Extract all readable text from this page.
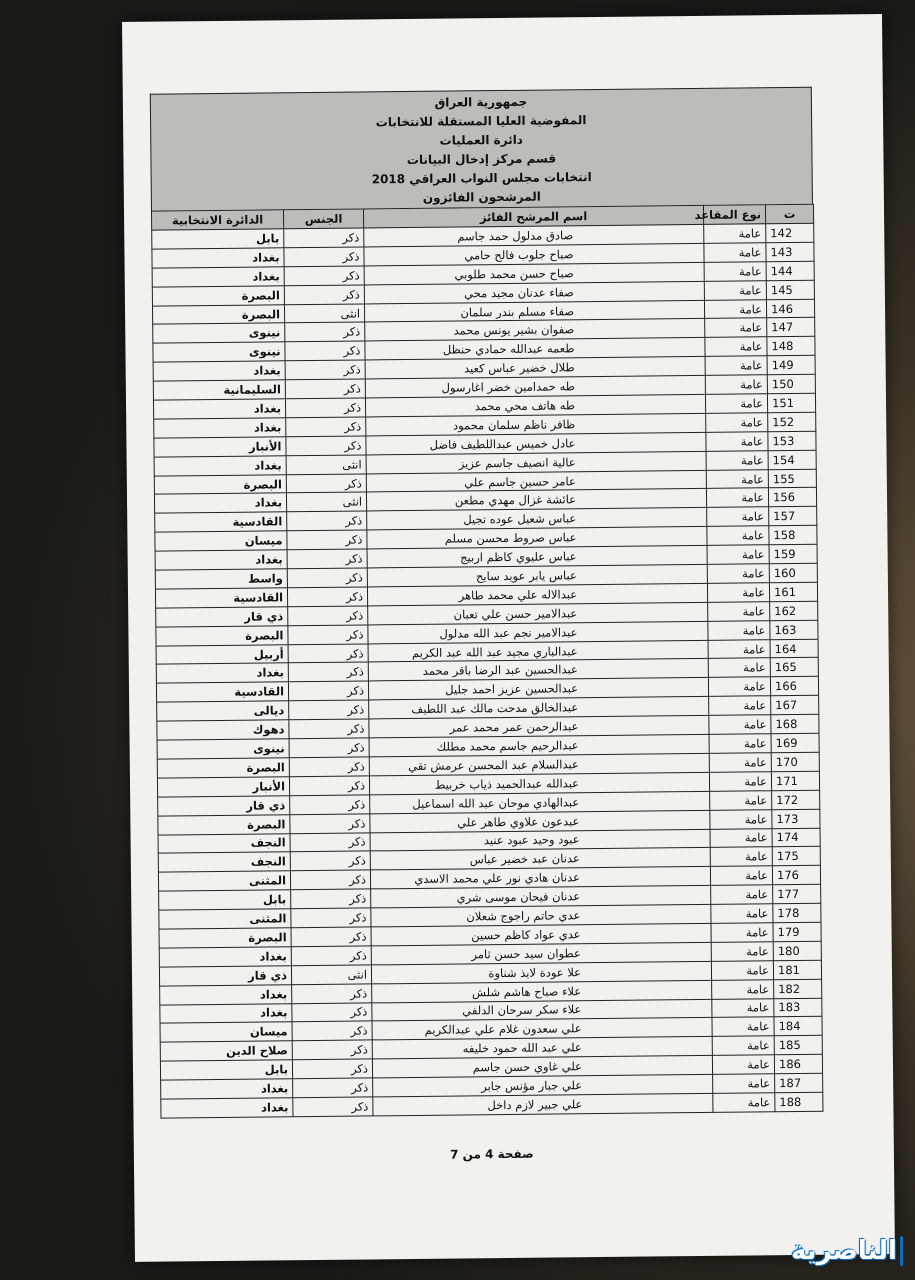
جمهورية العراق
المفوضية العليا المستقلة للانتخابات
دائرة العمليات
قسم مركز إدخال البيانات
انتخابات مجلس النواب العراقي 2018
المرشحون الفائزون
ت	نوع المقاعد	اسم المرشح الفائز	الجنس	الدائرة الانتخابية
142	عامة	صادق مدلول حمد جاسم	ذكر	بابل
143	عامة	صباح جلوب فالح حامي	ذكر	بغداد
144	عامة	صباح حسن محمد طلوبي	ذكر	بغداد
145	عامة	صفاء عدنان مجيد محي	ذكر	البصرة
146	عامة	صفاء مسلم بندر سلمان	انثى	البصرة
147	عامة	صفوان بشير يونس محمد	ذكر	نينوى
148	عامة	طعمه عبدالله حمادي حنظل	ذكر	نينوى
149	عامة	طلال خضير عباس كعيد	ذكر	بغداد
150	عامة	طه حمدامين خضر اغارسول	ذكر	السليمانية
151	عامة	طه هاتف محي محمد	ذكر	بغداد
152	عامة	ظافر ناظم سلمان محمود	ذكر	بغداد
153	عامة	عادل خميس عبداللطيف فاضل	ذكر	الأنبار
154	عامة	عالية انصيف جاسم عزيز	انثى	بغداد
155	عامة	عامر حسين جاسم علي	ذكر	البصرة
156	عامة	عائشة غزال مهدي مطعن	انثى	بغداد
157	عامة	عباس شعيل عوده تجيل	ذكر	القادسية
158	عامة	عباس صروط محسن مسلم	ذكر	ميسان
159	عامة	عباس عليوي كاظم اربيج	ذكر	بغداد
160	عامة	عباس يابر عويد سايح	ذكر	واسط
161	عامة	عبدالاله علي محمد طاهر	ذكر	القادسية
162	عامة	عبدالامير حسن علي تعبان	ذكر	ذي قار
163	عامة	عبدالامير نجم عبد الله مدلول	ذكر	البصرة
164	عامة	عبدالباري مجيد عبد الله عبد الكريم	ذكر	أربيل
165	عامة	عبدالحسين عبد الرضا باقر محمد	ذكر	بغداد
166	عامة	عبدالحسين عزيز احمد جليل	ذكر	القادسية
167	عامة	عبدالخالق مدحت مالك عبد اللطيف	ذكر	ديالى
168	عامة	عبدالرحمن عمر محمد عمر	ذكر	دهوك
169	عامة	عبدالرحيم جاسم محمد مطلك	ذكر	نينوى
170	عامة	عبدالسلام عبد المحسن عرمش تقي	ذكر	البصرة
171	عامة	عبدالله عبدالحميد ذياب خربيط	ذكر	الأنبار
172	عامة	عبدالهادي موحان عبد الله اسماعيل	ذكر	ذي قار
173	عامة	عبدعون علاوي طاهر علي	ذكر	البصرة
174	عامة	عبود وحيد عبود عنيد	ذكر	النجف
175	عامة	عدنان عبد خضير عباس	ذكر	النجف
176	عامة	عدنان هادي نور علي محمد الاسدي	ذكر	المثنى
177	عامة	عدنان فيحان موسى شري	ذكر	بابل
178	عامة	عدي حاتم راجوج شعلان	ذكر	المثنى
179	عامة	عدي عواد كاظم حسين	ذكر	البصرة
180	عامة	عطوان سيد حسن ثامر	ذكر	بغداد
181	عامة	علا عودة لايذ شناوة	انثى	ذي قار
182	عامة	علاء صباح هاشم شلش	ذكر	بغداد
183	عامة	علاء سكر سرحان الدلفي	ذكر	بغداد
184	عامة	علي سعدون غلام علي عبدالكريم	ذكر	ميسان
185	عامة	علي عبد الله حمود خليفه	ذكر	صلاح الدين
186	عامة	علي غاوي حسن جاسم	ذكر	بابل
187	عامة	علي جبار مؤنس جابر	ذكر	بغداد
188	عامة	علي جبير لازم داخل	ذكر	بغداد
صفحة 4 من 7
الناصرية
